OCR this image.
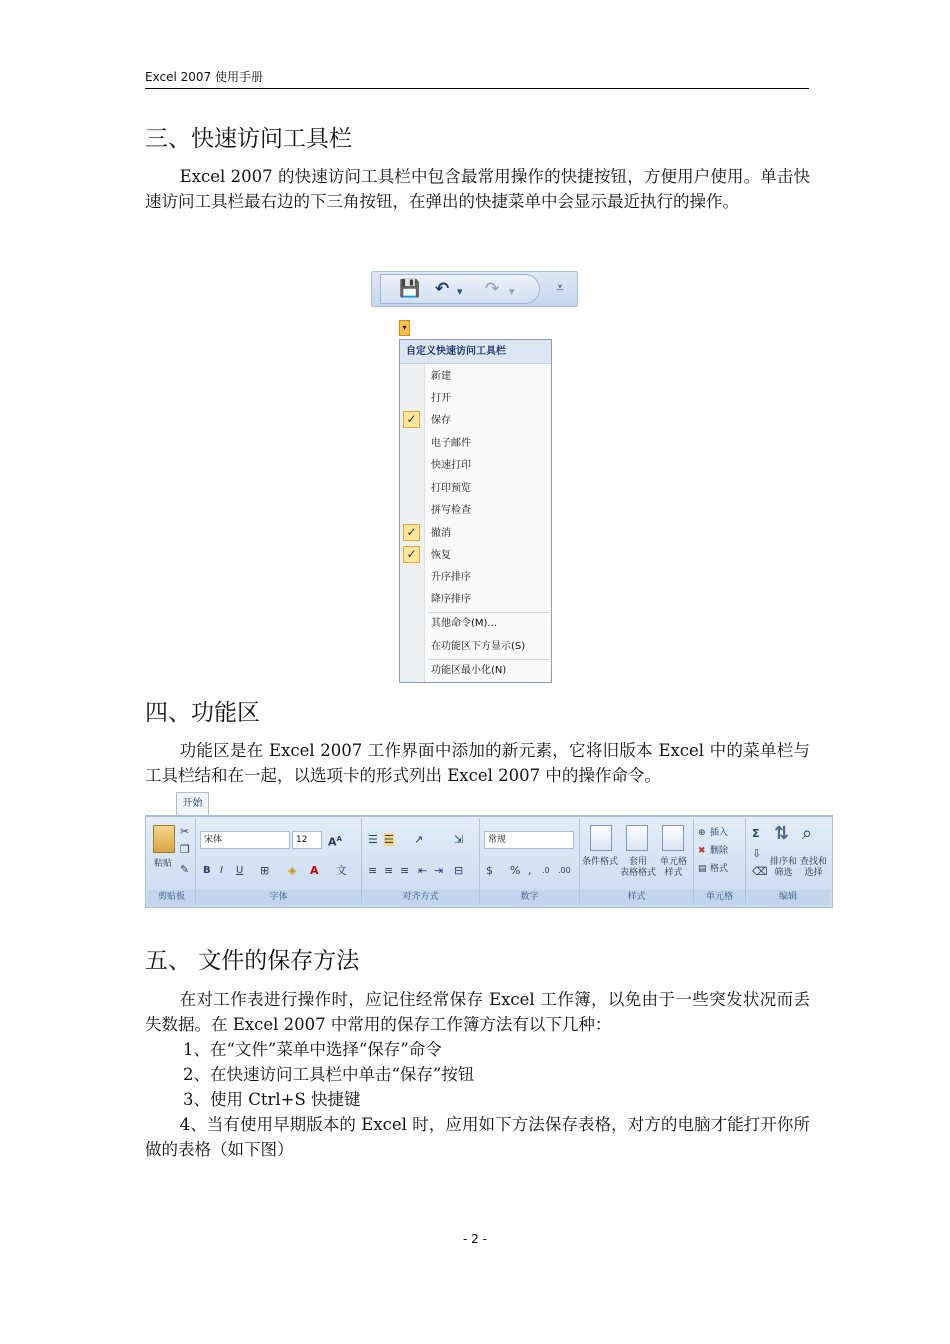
Excel 2007 使用手册
三、快速访问工具栏

Excel 2007 的快速访问工具栏中包含最常用操作的快捷按钮，方便用户使用。单击快速访问工具栏最右边的下三角按钮，在弹出的快捷菜单中会显示最近执行的操作。

💾 ↶ ▾ ↷ ▾	⩡
▾
自定义快速访问工具栏
新建
打开
✓	保存
电子邮件
快速打印
打印预览
拼写检查
✓	撤消
✓	恢复
升序排序
降序排序
其他命令(M)...
在功能区下方显示(S)
功能区最小化(N)
四、功能区

功能区是在 Excel 2007 工作界面中添加的新元素，它将旧版本 Excel 中的菜单栏与工具栏结和在一起，以选项卡的形式列出 Excel 2007 中的操作命令。

开始
粘贴
✂
❐
✎
剪贴板
宋体	12	$A^A$
B I U ⊞ ◈ A 文
字体
☰ ☰ ↗	⇲
≡ ≡ ≡ ⇤ ⇥ ⊟
对齐方式
常规
$ % , .0 .00
数字
条件格式	套用
表格格式
单元格
样式
样式
⊕ 插入
✖ 删除
▤ 格式
单元格
Σ
⇩
⌫
⇅ ⌕
排序和
筛选
查找和
选择
编辑
五、 文件的保存方法

在对工作表进行操作时，应记住经常保存 Excel 工作簿，以免由于一些突发状况而丢失数据。在 Excel 2007 中常用的保存工作簿方法有以下几种：

1、在“文件”菜单中选择“保存”命令

2、在快速访问工具栏中单击“保存”按钮

3、使用 Ctrl+S 快捷键

4、当有使用早期版本的 Excel 时，应用如下方法保存表格，对方的电脑才能打开你所做的表格（如下图）

- 2 -
